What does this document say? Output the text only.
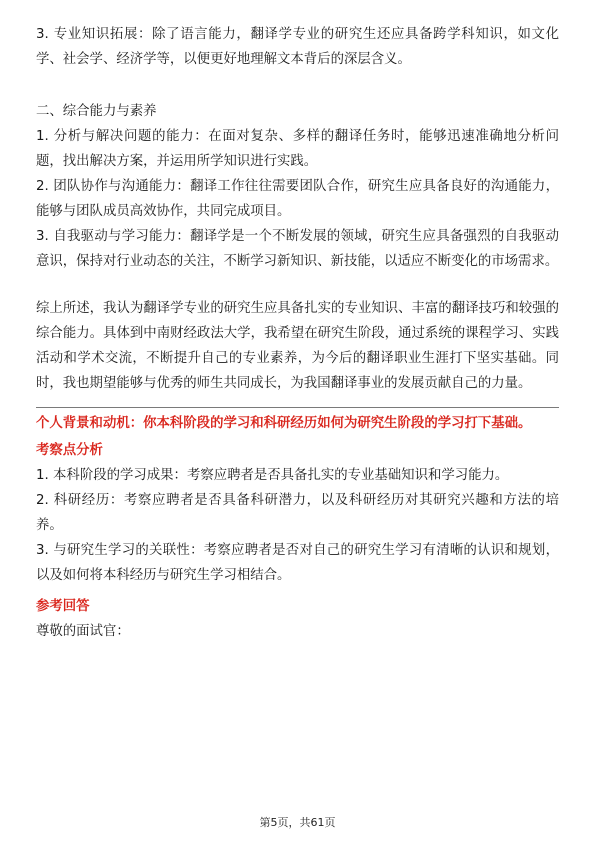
3. 专业知识拓展：除了语言能力，翻译学专业的研究生还应具备跨学科知识，如文化学、社会学、经济学等，以便更好地理解文本背后的深层含义。

二、综合能力与素养

1. 分析与解决问题的能力：在面对复杂、多样的翻译任务时，能够迅速准确地分析问题，找出解决方案，并运用所学知识进行实践。

2. 团队协作与沟通能力：翻译工作往往需要团队合作，研究生应具备良好的沟通能力，能够与团队成员高效协作，共同完成项目。

3. 自我驱动与学习能力：翻译学是一个不断发展的领域，研究生应具备强烈的自我驱动意识，保持对行业动态的关注，不断学习新知识、新技能，以适应不断变化的市场需求。

综上所述，我认为翻译学专业的研究生应具备扎实的专业知识、丰富的翻译技巧和较强的综合能力。具体到中南财经政法大学，我希望在研究生阶段，通过系统的课程学习、实践活动和学术交流，不断提升自己的专业素养，为今后的翻译职业生涯打下坚实基础。同时，我也期望能够与优秀的师生共同成长，为我国翻译事业的发展贡献自己的力量。

个人背景和动机：你本科阶段的学习和科研经历如何为研究生阶段的学习打下基础。

考察点分析

1. 本科阶段的学习成果：考察应聘者是否具备扎实的专业基础知识和学习能力。

2. 科研经历：考察应聘者是否具备科研潜力，以及科研经历对其研究兴趣和方法的培养。

3. 与研究生学习的关联性：考察应聘者是否对自己的研究生学习有清晰的认识和规划，以及如何将本科经历与研究生学习相结合。

参考回答

尊敬的面试官：

第5页，共61页
